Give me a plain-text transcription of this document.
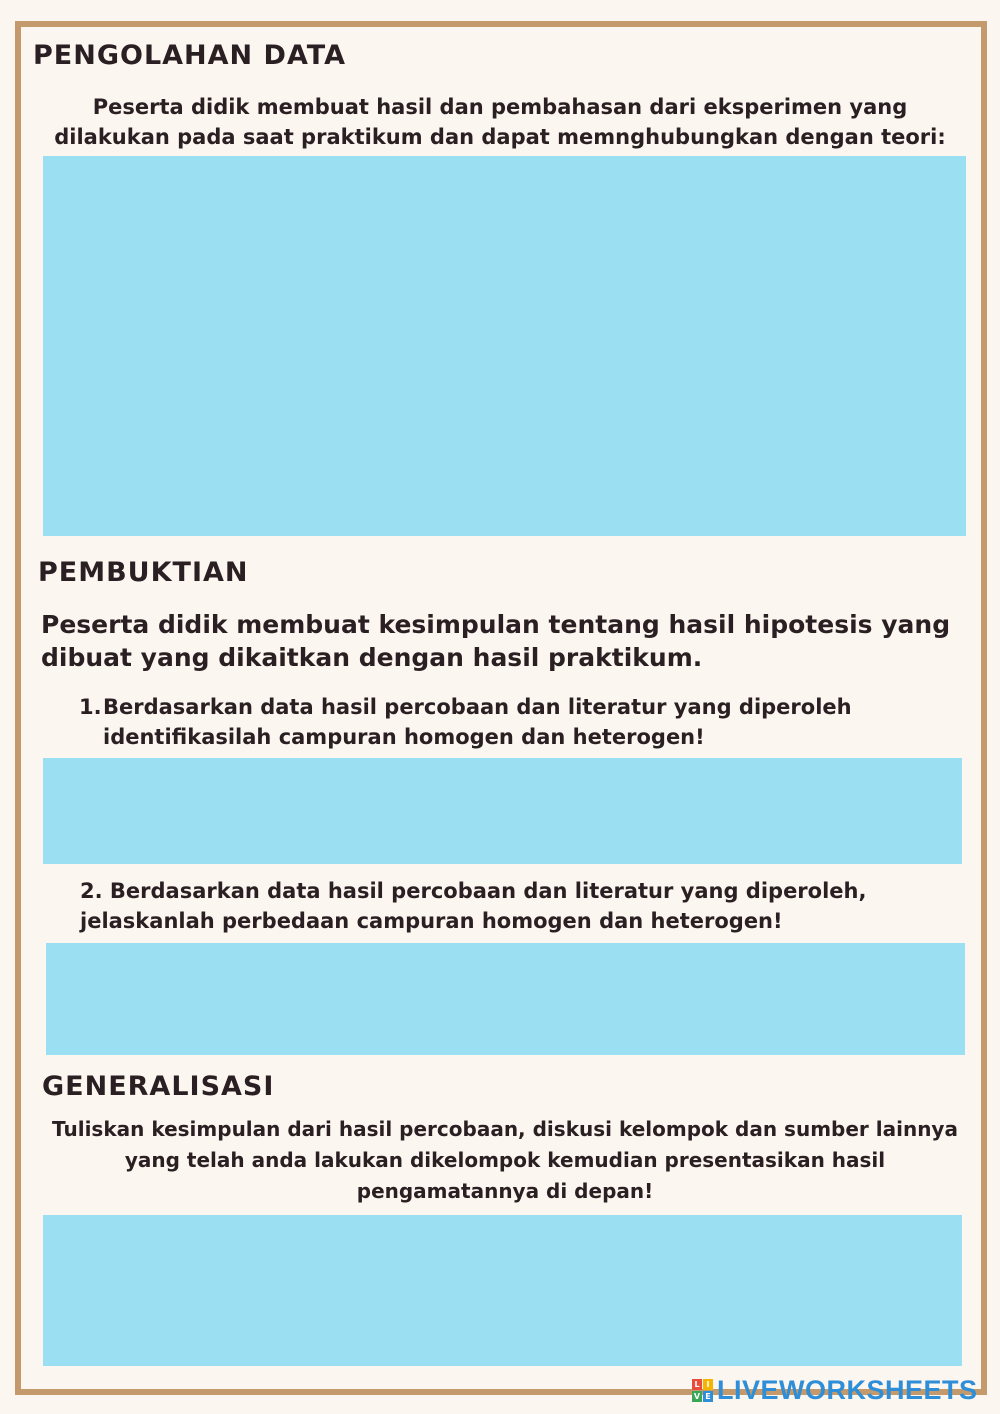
PENGOLAHAN DATA
Peserta didik membuat hasil dan pembahasan dari eksperimen yang
dilakukan pada saat praktikum dan dapat memnghubungkan dengan teori:
PEMBUKTIAN
Peserta didik membuat kesimpulan tentang hasil hipotesis yang
dibuat yang dikaitkan dengan hasil praktikum.
1.Berdasarkan data hasil percobaan dan literatur yang diperoleh
identifikasilah campuran homogen dan heterogen!
2. Berdasarkan data hasil percobaan dan literatur yang diperoleh,
jelaskanlah perbedaan campuran homogen dan heterogen!
GENERALISASI
Tuliskan kesimpulan dari hasil percobaan, diskusi kelompok dan sumber lainnya
yang telah anda lakukan dikelompok kemudian presentasikan hasil
pengamatannya di depan!
L I
V E LIVEWORKSHEETS
